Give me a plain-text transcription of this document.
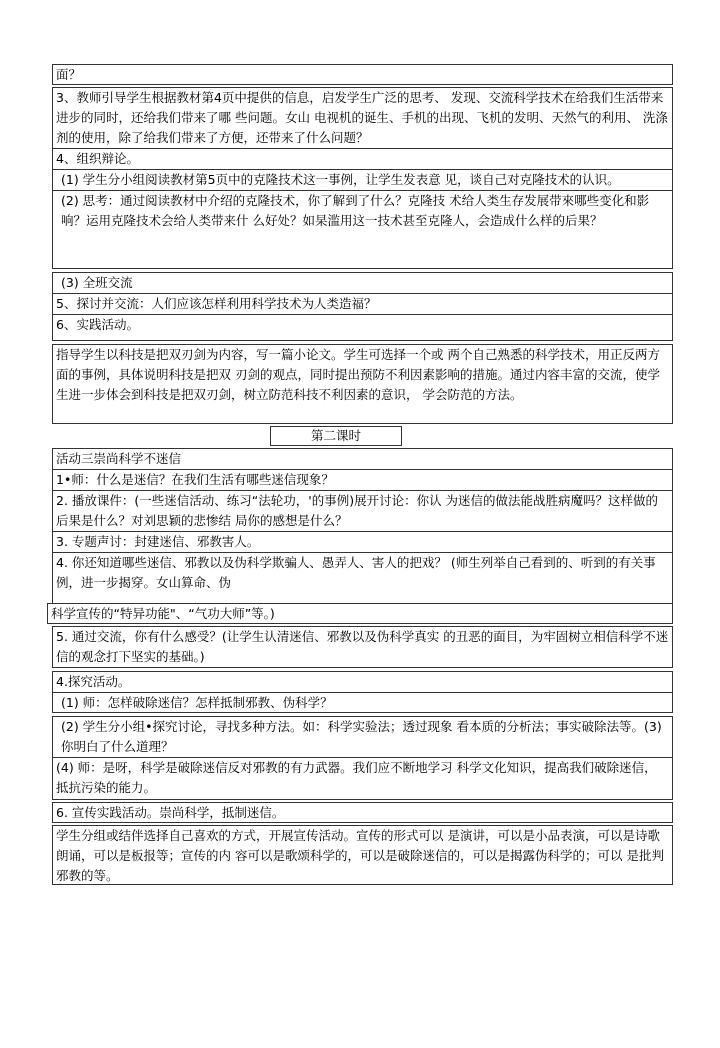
面？
3、教师引导学生根据教材第4页中提供的信息，启发学生广泛的思考、 发现、交流科学技术在给我们生活带来进步的同时，还给我们带来了哪 些问题。女山 电视机的诞生、手机的出现、飞机的发明、天然气的利用、 洗涤剂的使用，除了给我们带来了方便，还带来了什么问题？
4、组织辩论。
(1) 学生分小组阅读教材第5页中的克隆技术这一事例，让学生发表意 见，谈自己对克隆技术的认识。
(2) 思考：通过阅读教材中介绍的克隆技术，你了解到了什么？克隆技 术给人类生存发展带來哪些变化和影响？运用克隆技术会给人类带来什 么好处？如杲滥用这一技术甚至克隆人，会造成什么样的后果？
(3) 全班交流
5、探讨并交流：人们应该怎样利用科学技术为人类造福？
6、实践活动。
指导学生以科技是把双刃剑为内容，写一篇小论文。学生可选择一个或 两个自己熟悉的科学技术，用正反两方面的事例，具体说明科技是把双 刃剑的观点，同时提出预防不利因素影响的措施。通过内容丰富的交流，使学生进一步体会到科技是把双刃剑，树立防范科技不利因素的意识， 学会防范的方法。
第二课时
活动三崇尚科学不迷信
1•师：什么是迷信？在我们生活有哪些迷信现象？
2. 播放课件：(一些迷信活动、练习“法轮功，'的事例)展开讨论：你认 为迷信的做法能战胜病魔吗？这样做的后果是什么？对刘思颖的悲惨结 局你的感想是什么？
3. 专题声讨：封建迷信、邪教害人。
4. 你还知道哪些迷信、邪教以及伪科学欺骗人、愚弄人、害人的把戏？ (师生列举自己看到的、听到的有关事例，进一步揭穿。女山算命、伪
科学宣传的“特异功能"、“气功大师”等。)
5. 通过交流，你有什么感受？(让学生认清迷信、邪教以及伪科学真实 的丑恶的面目，为牢固树立相信科学不迷信的观念打下坚实的基础。)
4.探究活动。
(1) 师：怎样破除迷信？怎样抵制邪教、伪科学？
(2) 学生分小组•探究讨论，寻找多种方法。如：科学实验法；透过现象 看本质的分析法；事实破除法等。(3)你明白了什么道理？
(4) 师：是呀，科学是破除迷信反对邪教的有力武器。我们应不断地学习 科学文化知识，提高我们破除迷信，抵抗污染的能力。
6. 宣传实践活动。崇尚科学，抵制迷信。
学生分组或结伴选择自己喜欢的方式，开展宣传活动。宣传的形式可以 是演讲，可以是小品表演，可以是诗歌朗诵，可以是板报等；宣传的内 容可以是歌颂科学的，可以是破除迷信的，可以是揭露伪科学的；可以 是批判邪教的等。
